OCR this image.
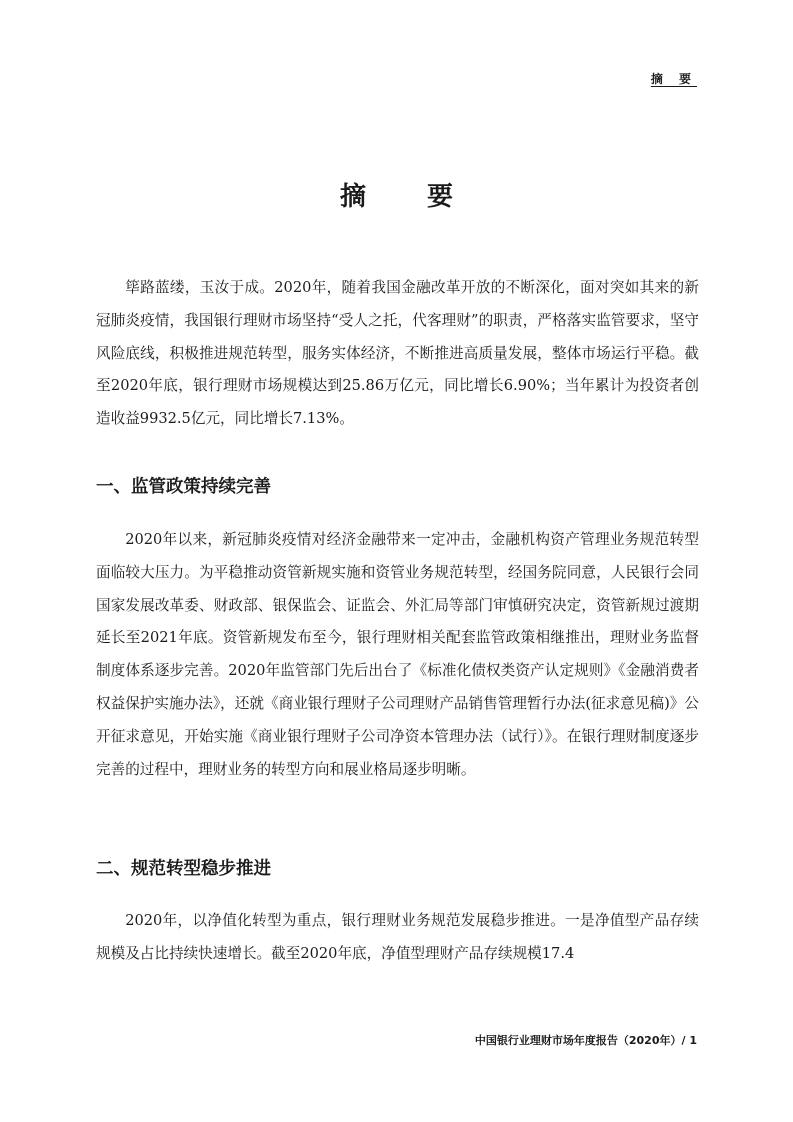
摘 要
摘 要

筚路蓝缕，玉汝于成。2020年，随着我国金融改革开放的不断深化，面对突如其来的新冠肺炎疫情，我国银行理财市场坚持“受人之托，代客理财”的职责，严格落实监管要求，坚守风险底线，积极推进规范转型，服务实体经济，不断推进高质量发展，整体市场运行平稳。截至2020年底，银行理财市场规模达到25.86万亿元，同比增长6.90%；当年累计为投资者创造收益9932.5亿元，同比增长7.13%。

一、监管政策持续完善

2020年以来，新冠肺炎疫情对经济金融带来一定冲击，金融机构资产管理业务规范转型面临较大压力。为平稳推动资管新规实施和资管业务规范转型，经国务院同意，人民银行会同国家发展改革委、财政部、银保监会、证监会、外汇局等部门审慎研究决定，资管新规过渡期延长至2021年底。资管新规发布至今，银行理财相关配套监管政策相继推出，理财业务监督制度体系逐步完善。2020年监管部门先后出台了《标准化债权类资产认定规则》《金融消费者权益保护实施办法》，还就《商业银行理财子公司理财产品销售管理暂行办法(征求意见稿)》公开征求意见，开始实施《商业银行理财子公司净资本管理办法（试行）》。在银行理财制度逐步完善的过程中，理财业务的转型方向和展业格局逐步明晰。

二、规范转型稳步推进

2020年，以净值化转型为重点，银行理财业务规范发展稳步推进。一是净值型产品存续规模及占比持续快速增长。截至2020年底，净值型理财产品存续规模17.4

中国银行业理财市场年度报告（2020年）/ 1
